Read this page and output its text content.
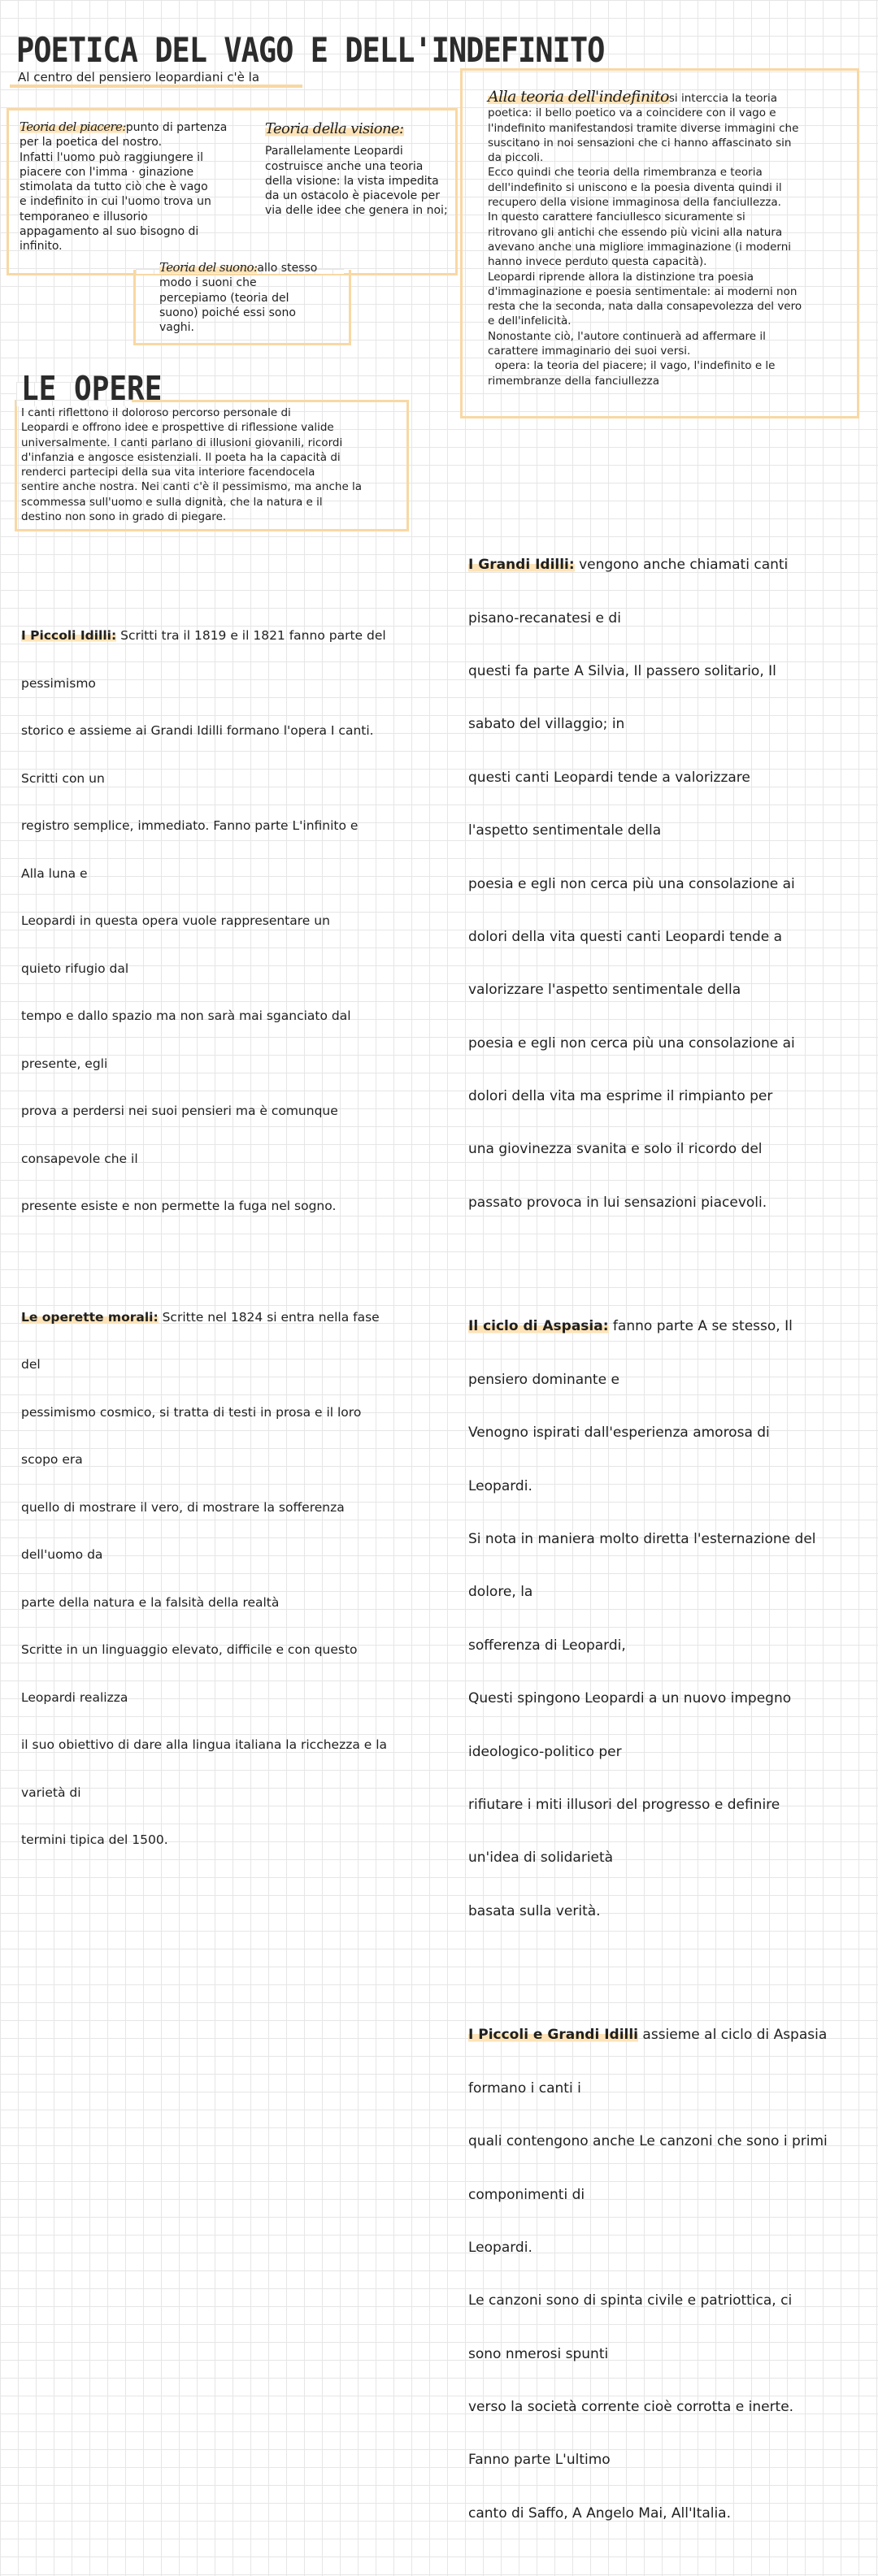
POETICA DEL VAGO E DELL'INDEFINITO
Al centro del pensiero leopardiani c'è la

Teoria del piacere:punto di partenza

per la poetica del nostro.

Infatti l'uomo può raggiungere il

piacere con l'imma · ginazione

stimolata da tutto ciò che è vago

e indefinito in cui l'uomo trova un

temporaneo e illusorio

appagamento al suo bisogno di

infinito.

Teoria della visione:

Parallelamente Leopardi

costruisce anche una teoria

della visione: la vista impedita

da un ostacolo è piacevole per

via delle idee che genera in noi;

Teoria del suono:allo stesso

modo i suoni che

percepiamo (teoria del

suono) poiché essi sono

vaghi.

Alla teoria dell'indefinitosi interccia la teoria

poetica: il bello poetico va a coincidere con il vago e

l'indefinito manifestandosi tramite diverse immagini che

suscitano in noi sensazioni che ci hanno affascinato sin

da piccoli.

Ecco quindi che teoria della rimembranza e teoria

dell'indefinito si uniscono e la poesia diventa quindi il

recupero della visione immaginosa della fanciullezza.

In questo carattere fanciullesco sicuramente si

ritrovano gli antichi che essendo più vicini alla natura

avevano anche una migliore immaginazione (i moderni

hanno invece perduto questa capacità).

Leopardi riprende allora la distinzione tra poesia

d'immaginazione e poesia sentimentale: ai moderni non

resta che la seconda, nata dalla consapevolezza del vero

e dell'infelicità.

Nonostante ciò, l'autore continuerà ad affermare il

carattere immaginario dei suoi versi.

opera: la teoria del piacere; il vago, l'indefinito e le

rimembranze della fanciullezza

LE OPERE

I canti riflettono il doloroso percorso personale di

Leopardi e offrono idee e prospettive di riflessione valide

universalmente. I canti parlano di illusioni giovanili, ricordi

d'infanzia e angosce esistenziali. Il poeta ha la capacità di

renderci partecipi della sua vita interiore facendocela

sentire anche nostra. Nei canti c'è il pessimismo, ma anche la

scommessa sull'uomo e sulla dignità, che la natura e il

destino non sono in grado di piegare.

I Piccoli Idilli: Scritti tra il 1819 e il 1821 fanno parte del

pessimismo

storico e assieme ai Grandi Idilli formano l'opera I canti.

Scritti con un

registro semplice, immediato. Fanno parte L'infinito e

Alla luna e

Leopardi in questa opera vuole rappresentare un

quieto rifugio dal

tempo e dallo spazio ma non sarà mai sganciato dal

presente, egli

prova a perdersi nei suoi pensieri ma è comunque

consapevole che il

presente esiste e non permette la fuga nel sogno.

Le operette morali: Scritte nel 1824 si entra nella fase

del

pessimismo cosmico, si tratta di testi in prosa e il loro

scopo era

quello di mostrare il vero, di mostrare la sofferenza

dell'uomo da

parte della natura e la falsità della realtà

Scritte in un linguaggio elevato, difficile e con questo

Leopardi realizza

il suo obiettivo di dare alla lingua italiana la ricchezza e la

varietà di

termini tipica del 1500.

I Grandi Idilli: vengono anche chiamati canti

pisano-recanatesi e di

questi fa parte A Silvia, Il passero solitario, Il

sabato del villaggio; in

questi canti Leopardi tende a valorizzare

l'aspetto sentimentale della

poesia e egli non cerca più una consolazione ai

dolori della vita questi canti Leopardi tende a

valorizzare l'aspetto sentimentale della

poesia e egli non cerca più una consolazione ai

dolori della vita ma esprime il rimpianto per

una giovinezza svanita e solo il ricordo del

passato provoca in lui sensazioni piacevoli.

Il ciclo di Aspasia: fanno parte A se stesso, Il

pensiero dominante e

Venogno ispirati dall'esperienza amorosa di

Leopardi.

Si nota in maniera molto diretta l'esternazione del

dolore, la

sofferenza di Leopardi,

Questi spingono Leopardi a un nuovo impegno

ideologico-politico per

rifiutare i miti illusori del progresso e definire

un'idea di solidarietà

basata sulla verità.

I Piccoli e Grandi Idilli assieme al ciclo di Aspasia

formano i canti i

quali contengono anche Le canzoni che sono i primi

componimenti di

Leopardi.

Le canzoni sono di spinta civile e patriottica, ci

sono nmerosi spunti

verso la società corrente cioè corrotta e inerte.

Fanno parte L'ultimo

canto di Saffo, A Angelo Mai, All'Italia.
